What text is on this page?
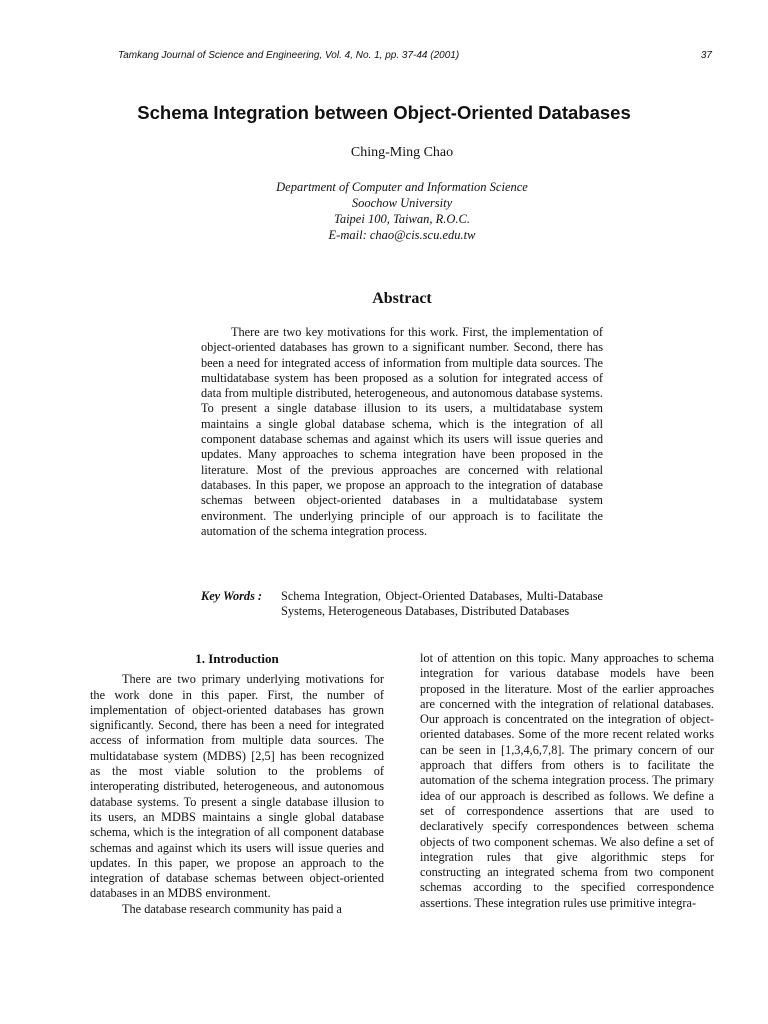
Tamkang Journal of Science and Engineering, Vol. 4, No. 1, pp. 37-44 (2001)	37
Schema Integration between Object-Oriented Databases
Ching-Ming Chao
Department of Computer and Information Science
Soochow University
Taipei 100, Taiwan, R.O.C.
E-mail: chao@cis.scu.edu.tw
Abstract

There are two key motivations for this work. First, the implementation of object-oriented databases has grown to a significant number. Second, there has been a need for integrated access of information from multiple data sources. The multidatabase system has been proposed as a solution for integrated access of data from multiple distributed, heterogeneous, and autonomous database systems. To present a single database illusion to its users, a multidatabase system maintains a single global database schema, which is the integration of all component database schemas and against which its users will issue queries and updates. Many approaches to schema integration have been proposed in the literature. Most of the previous approaches are concerned with relational databases. In this paper, we propose an approach to the integration of database schemas between object-oriented databases in a multidatabase system environment. The underlying principle of our approach is to facilitate the automation of the schema integration process.

Key Words :	Schema Integration, Object-Oriented Databases, Multi-Database Systems, Heterogeneous Databases, Distributed Databases
1. Introduction

There are two primary underlying motivations for the work done in this paper. First, the number of implementation of object-oriented databases has grown significantly. Second, there has been a need for integrated access of information from multiple data sources. The multidatabase system (MDBS) [2,5] has been recognized as the most viable solution to the problems of interoperating distributed, heterogeneous, and autonomous database systems. To present a single database illusion to its users, an MDBS maintains a single global database schema, which is the integration of all component database schemas and against which its users will issue queries and updates. In this paper, we propose an approach to the integration of database schemas between object-oriented databases in an MDBS environment.

The database research community has paid a

lot of attention on this topic. Many approaches to schema integration for various database models have been proposed in the literature. Most of the earlier approaches are concerned with the integration of relational databases. Our approach is concentrated on the integration of object-oriented databases. Some of the more recent related works can be seen in [1,3,4,6,7,8]. The primary concern of our approach that differs from others is to facilitate the automation of the schema integration process. The primary idea of our approach is described as follows. We define a set of correspondence assertions that are used to declaratively specify correspondences between schema objects of two component schemas. We also define a set of integration rules that give algorithmic steps for constructing an integrated schema from two component schemas according to the specified correspondence assertions. These integration rules use primitive integra-
